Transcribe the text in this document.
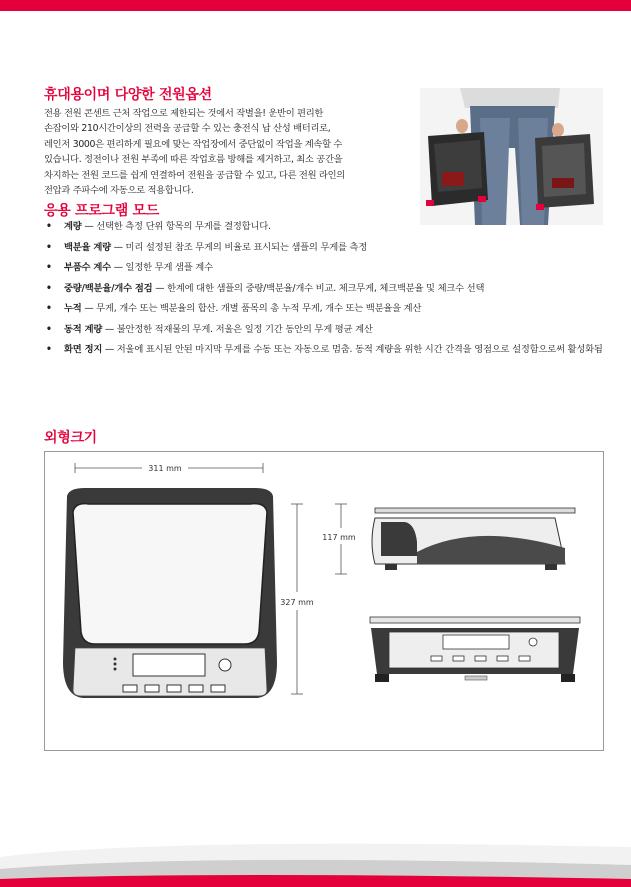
휴대용이며 다양한 전원옵션
전용 전원 콘센트 근처 작업으로 제한되는 것에서 작별을! 운반이 편리한
손잡이와 210시간이상의 전력을 공급할 수 있는 충전식 납 산성 배터리로,
레인저 3000은 편리하게 필요에 맞는 작업장에서 중단없이 작업을 계속할 수
있습니다. 정전이나 전원 부족에 따른 작업흐름 방해를 제거하고, 최소 공간을
차지하는 전원 코드를 쉽게 연결하여 전원을 공급할 수 있고, 다른 전원 라인의
전압과 주파수에 자동으로 적용합니다.
응용 프로그램 모드
• 계량 — 선택한 측정 단위 항목의 무게를 결정합니다.
• 백분율 계량 — 미리 설정된 참조 무게의 비율로 표시되는 샘플의 무게를 측정
• 부품수 계수 — 일정한 무게 샘플 계수
• 중량/백분율/개수 점검 — 한계에 대한 샘플의 중량/백분율/개수 비교. 체크무게, 체크백분율 및 체크수 선택
• 누적 — 무게, 개수 또는 백분율의 합산. 개별 품목의 총 누적 무게, 개수 또는 백분율을 계산
• 동적 계량 — 불안정한 적재물의 무게. 저울은 일정 기간 동안의 무게 평균 계산
• 화면 정지 — 저울에 표시된 안된 마지막 무게를 수동 또는 자동으로 멈춤. 동적 계량을 위한 시간 간격을 영점으로 설정함으로써 활성화됨
외형크기
311 mm
327 mm
117 mm
